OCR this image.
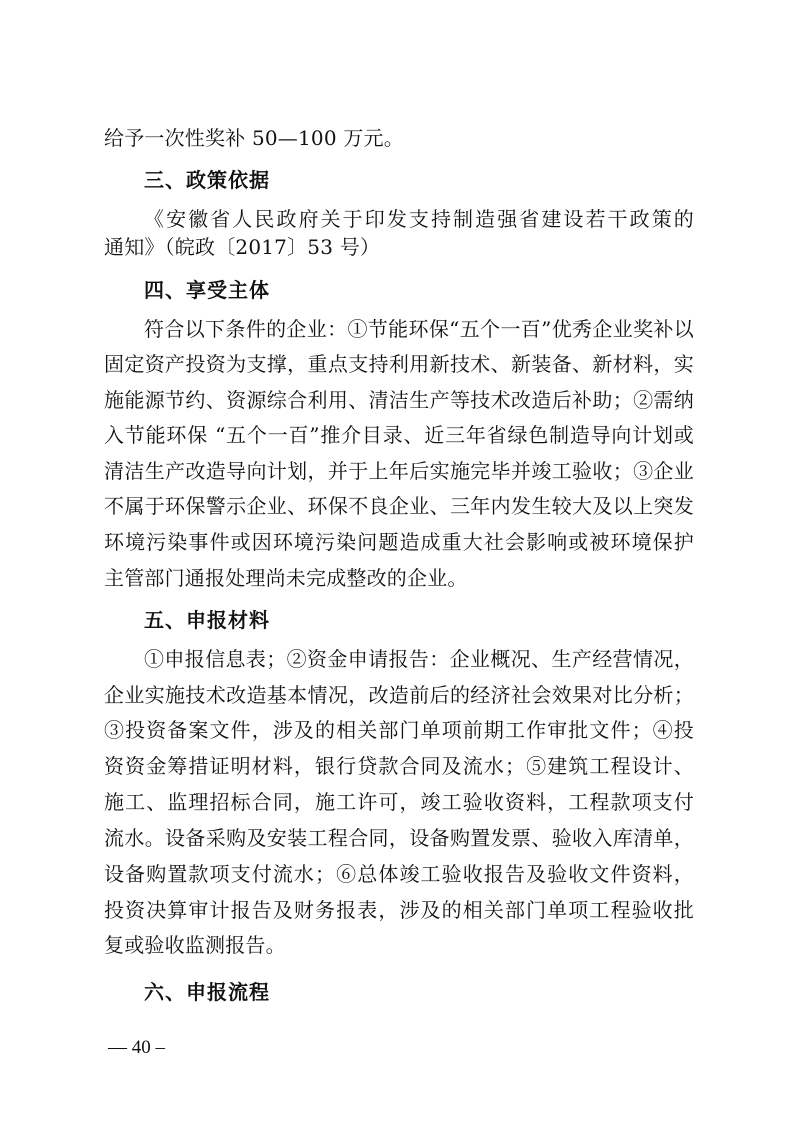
给予一次性奖补 50—100 万元。
三、政策依据
《安徽省人民政府关于印发支持制造强省建设若干政策的
通知》（皖政〔2017〕53 号）
四、享受主体
符合以下条件的企业：①节能环保“五个一百”优秀企业奖补以
固定资产投资为支撑，重点支持利用新技术、新装备、新材料，实
施能源节约、资源综合利用、清洁生产等技术改造后补助；②需纳
入节能环保 “五个一百”推介目录、近三年省绿色制造导向计划或
清洁生产改造导向计划，并于上年后实施完毕并竣工验收；③企业
不属于环保警示企业、环保不良企业、三年内发生较大及以上突发
环境污染事件或因环境污染问题造成重大社会影响或被环境保护
主管部门通报处理尚未完成整改的企业。
五、申报材料
①申报信息表；②资金申请报告：企业概况、生产经营情况，
企业实施技术改造基本情况，改造前后的经济社会效果对比分析；
③投资备案文件，涉及的相关部门单项前期工作审批文件；④投
资资金筹措证明材料，银行贷款合同及流水；⑤建筑工程设计、
施工、监理招标合同，施工许可，竣工验收资料，工程款项支付
流水。设备采购及安装工程合同，设备购置发票、验收入库清单，
设备购置款项支付流水；⑥总体竣工验收报告及验收文件资料，
投资决算审计报告及财务报表，涉及的相关部门单项工程验收批
复或验收监测报告。
六、申报流程
— 40 –
